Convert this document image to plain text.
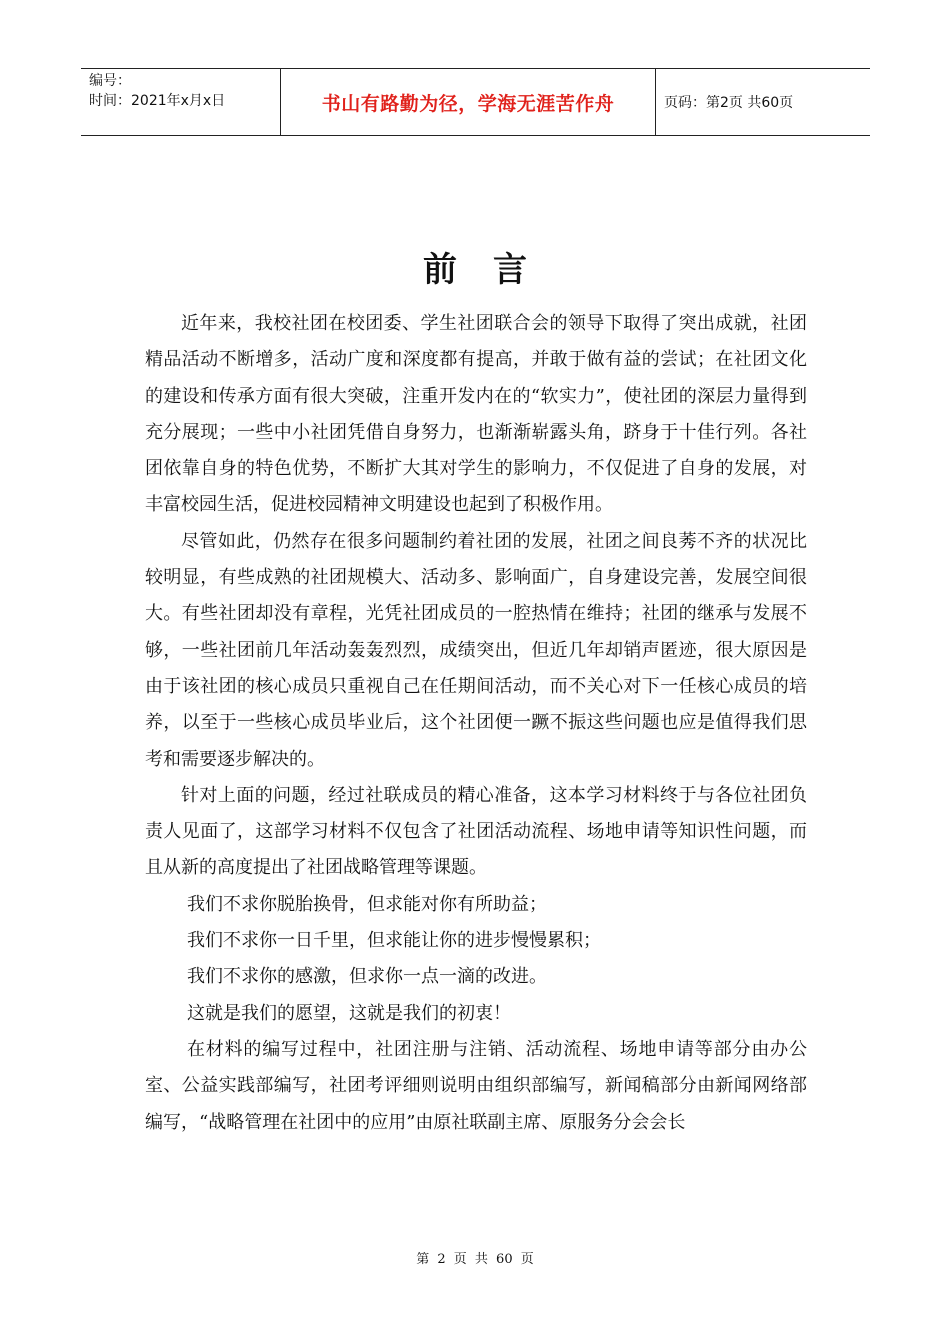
编号：
时间：2021年x月x日	书山有路勤为径，学海无涯苦作舟	页码：第2页 共60页
前言

近年来，我校社团在校团委、学生社团联合会的领导下取得了突出成就，社团精品活动不断增多，活动广度和深度都有提高，并敢于做有益的尝试；在社团文化的建设和传承方面有很大突破，注重开发内在的“软实力”，使社团的深层力量得到充分展现；一些中小社团凭借自身努力，也渐渐崭露头角，跻身于十佳行列。各社团依靠自身的特色优势，不断扩大其对学生的影响力，不仅促进了自身的发展，对丰富校园生活，促进校园精神文明建设也起到了积极作用。

尽管如此，仍然存在很多问题制约着社团的发展，社团之间良莠不齐的状况比较明显，有些成熟的社团规模大、活动多、影响面广，自身建设完善，发展空间很大。有些社团却没有章程，光凭社团成员的一腔热情在维持；社团的继承与发展不够，一些社团前几年活动轰轰烈烈，成绩突出，但近几年却销声匿迹，很大原因是由于该社团的核心成员只重视自己在任期间活动，而不关心对下一任核心成员的培养，以至于一些核心成员毕业后，这个社团便一蹶不振这些问题也应是值得我们思考和需要逐步解决的。

针对上面的问题，经过社联成员的精心准备，这本学习材料终于与各位社团负责人见面了，这部学习材料不仅包含了社团活动流程、场地申请等知识性问题，而且从新的高度提出了社团战略管理等课题。

我们不求你脱胎换骨，但求能对你有所助益；

我们不求你一日千里，但求能让你的进步慢慢累积；

我们不求你的感激，但求你一点一滴的改进。

这就是我们的愿望，这就是我们的初衷！

在材料的编写过程中，社团注册与注销、活动流程、场地申请等部分由办公室、公益实践部编写，社团考评细则说明由组织部编写，新闻稿部分由新闻网络部编写，“战略管理在社团中的应用”由原社联副主席、原服务分会会长

第 2 页 共 60 页
